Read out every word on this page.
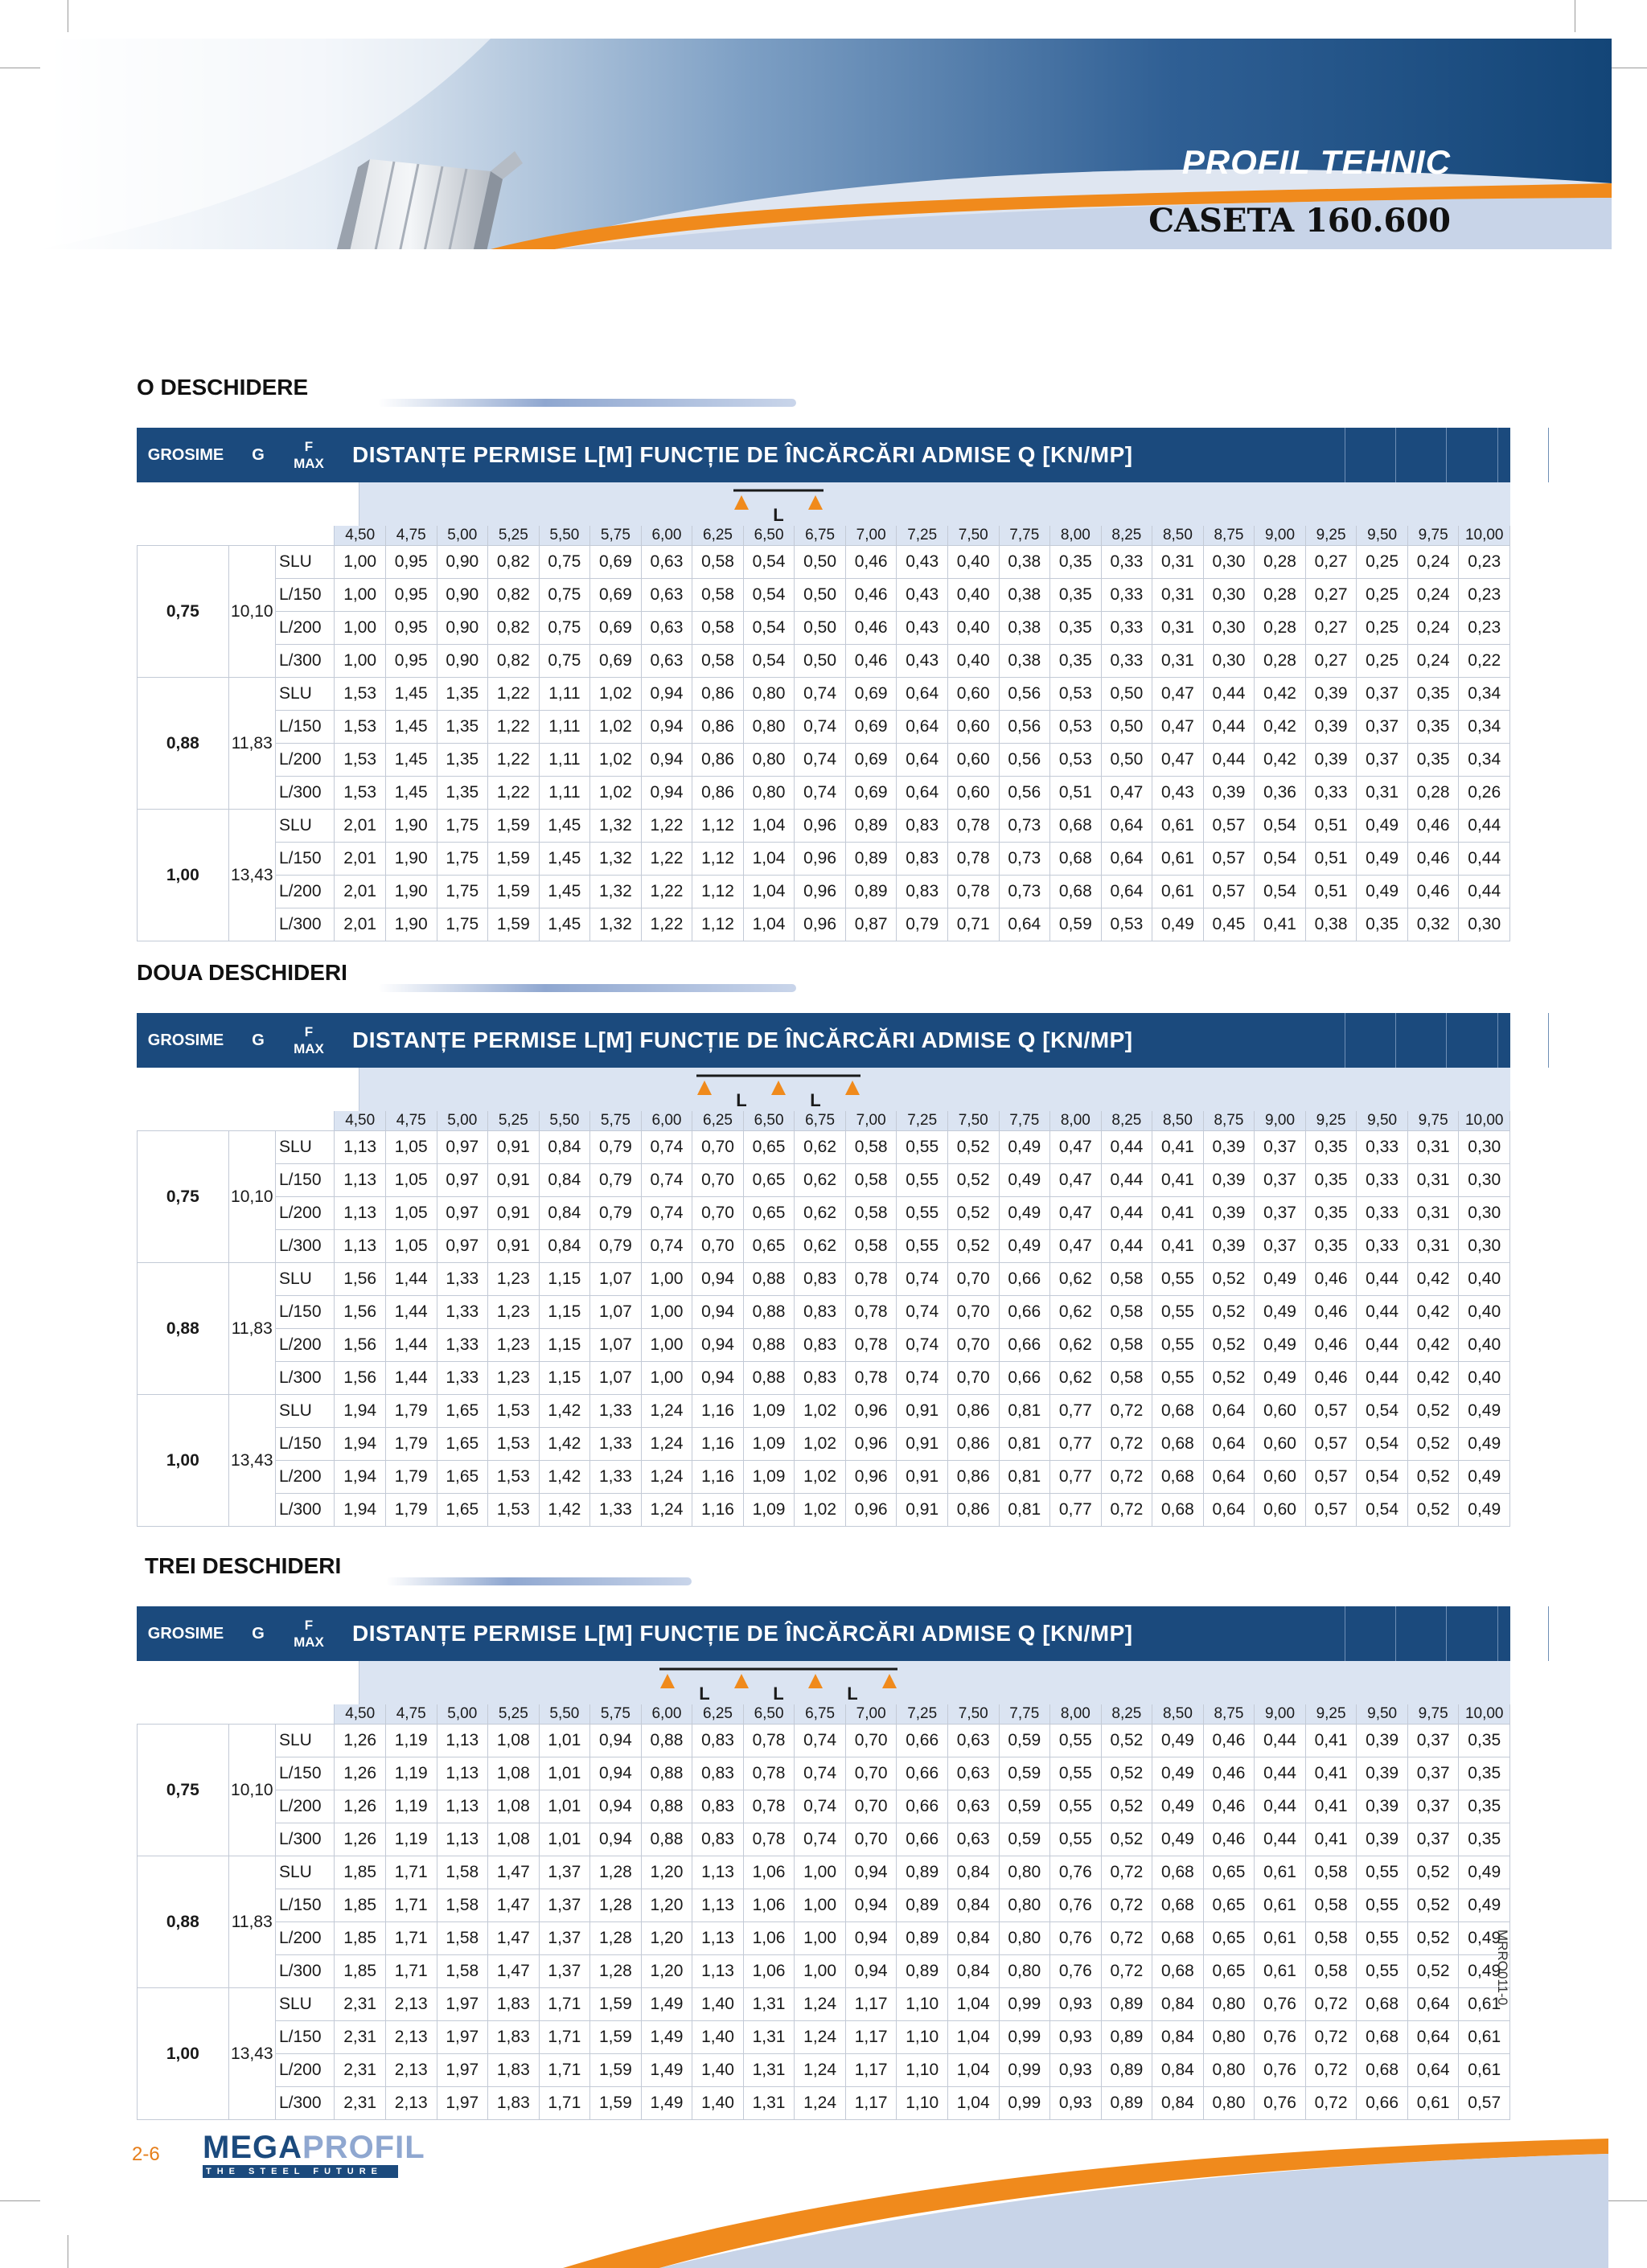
PROFIL TEHNIC
CASETA 160.600
O DESCHIDERE
GROSIME	G	F
MAX DISTANȚE PERMISE L[M] FUNCȚIE DE ÎNCĂRCĂRI ADMISE Q [KN/MP]
L
			4,50	4,75	5,00	5,25	5,50	5,75	6,00	6,25	6,50	6,75	7,00	7,25	7,50	7,75	8,00	8,25	8,50	8,75	9,00	9,25	9,50	9,75	10,00
0,75	10,10	SLU	1,00	0,95	0,90	0,82	0,75	0,69	0,63	0,58	0,54	0,50	0,46	0,43	0,40	0,38	0,35	0,33	0,31	0,30	0,28	0,27	0,25	0,24	0,23
		L/150	1,00	0,95	0,90	0,82	0,75	0,69	0,63	0,58	0,54	0,50	0,46	0,43	0,40	0,38	0,35	0,33	0,31	0,30	0,28	0,27	0,25	0,24	0,23
		L/200	1,00	0,95	0,90	0,82	0,75	0,69	0,63	0,58	0,54	0,50	0,46	0,43	0,40	0,38	0,35	0,33	0,31	0,30	0,28	0,27	0,25	0,24	0,23
		L/300	1,00	0,95	0,90	0,82	0,75	0,69	0,63	0,58	0,54	0,50	0,46	0,43	0,40	0,38	0,35	0,33	0,31	0,30	0,28	0,27	0,25	0,24	0,22
0,88	11,83	SLU	1,53	1,45	1,35	1,22	1,11	1,02	0,94	0,86	0,80	0,74	0,69	0,64	0,60	0,56	0,53	0,50	0,47	0,44	0,42	0,39	0,37	0,35	0,34
		L/150	1,53	1,45	1,35	1,22	1,11	1,02	0,94	0,86	0,80	0,74	0,69	0,64	0,60	0,56	0,53	0,50	0,47	0,44	0,42	0,39	0,37	0,35	0,34
		L/200	1,53	1,45	1,35	1,22	1,11	1,02	0,94	0,86	0,80	0,74	0,69	0,64	0,60	0,56	0,53	0,50	0,47	0,44	0,42	0,39	0,37	0,35	0,34
		L/300	1,53	1,45	1,35	1,22	1,11	1,02	0,94	0,86	0,80	0,74	0,69	0,64	0,60	0,56	0,51	0,47	0,43	0,39	0,36	0,33	0,31	0,28	0,26
1,00	13,43	SLU	2,01	1,90	1,75	1,59	1,45	1,32	1,22	1,12	1,04	0,96	0,89	0,83	0,78	0,73	0,68	0,64	0,61	0,57	0,54	0,51	0,49	0,46	0,44
		L/150	2,01	1,90	1,75	1,59	1,45	1,32	1,22	1,12	1,04	0,96	0,89	0,83	0,78	0,73	0,68	0,64	0,61	0,57	0,54	0,51	0,49	0,46	0,44
		L/200	2,01	1,90	1,75	1,59	1,45	1,32	1,22	1,12	1,04	0,96	0,89	0,83	0,78	0,73	0,68	0,64	0,61	0,57	0,54	0,51	0,49	0,46	0,44
		L/300	2,01	1,90	1,75	1,59	1,45	1,32	1,22	1,12	1,04	0,96	0,87	0,79	0,71	0,64	0,59	0,53	0,49	0,45	0,41	0,38	0,35	0,32	0,30
DOUA DESCHIDERI
GROSIME	G	F
MAX DISTANȚE PERMISE L[M] FUNCȚIE DE ÎNCĂRCĂRI ADMISE Q [KN/MP]
L	L
			4,50	4,75	5,00	5,25	5,50	5,75	6,00	6,25	6,50	6,75	7,00	7,25	7,50	7,75	8,00	8,25	8,50	8,75	9,00	9,25	9,50	9,75	10,00
0,75	10,10	SLU	1,13	1,05	0,97	0,91	0,84	0,79	0,74	0,70	0,65	0,62	0,58	0,55	0,52	0,49	0,47	0,44	0,41	0,39	0,37	0,35	0,33	0,31	0,30
		L/150	1,13	1,05	0,97	0,91	0,84	0,79	0,74	0,70	0,65	0,62	0,58	0,55	0,52	0,49	0,47	0,44	0,41	0,39	0,37	0,35	0,33	0,31	0,30
		L/200	1,13	1,05	0,97	0,91	0,84	0,79	0,74	0,70	0,65	0,62	0,58	0,55	0,52	0,49	0,47	0,44	0,41	0,39	0,37	0,35	0,33	0,31	0,30
		L/300	1,13	1,05	0,97	0,91	0,84	0,79	0,74	0,70	0,65	0,62	0,58	0,55	0,52	0,49	0,47	0,44	0,41	0,39	0,37	0,35	0,33	0,31	0,30
0,88	11,83	SLU	1,56	1,44	1,33	1,23	1,15	1,07	1,00	0,94	0,88	0,83	0,78	0,74	0,70	0,66	0,62	0,58	0,55	0,52	0,49	0,46	0,44	0,42	0,40
		L/150	1,56	1,44	1,33	1,23	1,15	1,07	1,00	0,94	0,88	0,83	0,78	0,74	0,70	0,66	0,62	0,58	0,55	0,52	0,49	0,46	0,44	0,42	0,40
		L/200	1,56	1,44	1,33	1,23	1,15	1,07	1,00	0,94	0,88	0,83	0,78	0,74	0,70	0,66	0,62	0,58	0,55	0,52	0,49	0,46	0,44	0,42	0,40
		L/300	1,56	1,44	1,33	1,23	1,15	1,07	1,00	0,94	0,88	0,83	0,78	0,74	0,70	0,66	0,62	0,58	0,55	0,52	0,49	0,46	0,44	0,42	0,40
1,00	13,43	SLU	1,94	1,79	1,65	1,53	1,42	1,33	1,24	1,16	1,09	1,02	0,96	0,91	0,86	0,81	0,77	0,72	0,68	0,64	0,60	0,57	0,54	0,52	0,49
		L/150	1,94	1,79	1,65	1,53	1,42	1,33	1,24	1,16	1,09	1,02	0,96	0,91	0,86	0,81	0,77	0,72	0,68	0,64	0,60	0,57	0,54	0,52	0,49
		L/200	1,94	1,79	1,65	1,53	1,42	1,33	1,24	1,16	1,09	1,02	0,96	0,91	0,86	0,81	0,77	0,72	0,68	0,64	0,60	0,57	0,54	0,52	0,49
		L/300	1,94	1,79	1,65	1,53	1,42	1,33	1,24	1,16	1,09	1,02	0,96	0,91	0,86	0,81	0,77	0,72	0,68	0,64	0,60	0,57	0,54	0,52	0,49
TREI DESCHIDERI
GROSIME	G	F
MAX DISTANȚE PERMISE L[M] FUNCȚIE DE ÎNCĂRCĂRI ADMISE Q [KN/MP]
L	L	L
			4,50	4,75	5,00	5,25	5,50	5,75	6,00	6,25	6,50	6,75	7,00	7,25	7,50	7,75	8,00	8,25	8,50	8,75	9,00	9,25	9,50	9,75	10,00
0,75	10,10	SLU	1,26	1,19	1,13	1,08	1,01	0,94	0,88	0,83	0,78	0,74	0,70	0,66	0,63	0,59	0,55	0,52	0,49	0,46	0,44	0,41	0,39	0,37	0,35
		L/150	1,26	1,19	1,13	1,08	1,01	0,94	0,88	0,83	0,78	0,74	0,70	0,66	0,63	0,59	0,55	0,52	0,49	0,46	0,44	0,41	0,39	0,37	0,35
		L/200	1,26	1,19	1,13	1,08	1,01	0,94	0,88	0,83	0,78	0,74	0,70	0,66	0,63	0,59	0,55	0,52	0,49	0,46	0,44	0,41	0,39	0,37	0,35
		L/300	1,26	1,19	1,13	1,08	1,01	0,94	0,88	0,83	0,78	0,74	0,70	0,66	0,63	0,59	0,55	0,52	0,49	0,46	0,44	0,41	0,39	0,37	0,35
0,88	11,83	SLU	1,85	1,71	1,58	1,47	1,37	1,28	1,20	1,13	1,06	1,00	0,94	0,89	0,84	0,80	0,76	0,72	0,68	0,65	0,61	0,58	0,55	0,52	0,49
		L/150	1,85	1,71	1,58	1,47	1,37	1,28	1,20	1,13	1,06	1,00	0,94	0,89	0,84	0,80	0,76	0,72	0,68	0,65	0,61	0,58	0,55	0,52	0,49
		L/200	1,85	1,71	1,58	1,47	1,37	1,28	1,20	1,13	1,06	1,00	0,94	0,89	0,84	0,80	0,76	0,72	0,68	0,65	0,61	0,58	0,55	0,52	0,49
		L/300	1,85	1,71	1,58	1,47	1,37	1,28	1,20	1,13	1,06	1,00	0,94	0,89	0,84	0,80	0,76	0,72	0,68	0,65	0,61	0,58	0,55	0,52	0,49
1,00	13,43	SLU	2,31	2,13	1,97	1,83	1,71	1,59	1,49	1,40	1,31	1,24	1,17	1,10	1,04	0,99	0,93	0,89	0,84	0,80	0,76	0,72	0,68	0,64	0,61
		L/150	2,31	2,13	1,97	1,83	1,71	1,59	1,49	1,40	1,31	1,24	1,17	1,10	1,04	0,99	0,93	0,89	0,84	0,80	0,76	0,72	0,68	0,64	0,61
		L/200	2,31	2,13	1,97	1,83	1,71	1,59	1,49	1,40	1,31	1,24	1,17	1,10	1,04	0,99	0,93	0,89	0,84	0,80	0,76	0,72	0,68	0,64	0,61
		L/300	2,31	2,13	1,97	1,83	1,71	1,59	1,49	1,40	1,31	1,24	1,17	1,10	1,04	0,99	0,93	0,89	0,84	0,80	0,76	0,72	0,66	0,61	0,57
2-6 MEGAPROFIL
THE STEEL FUTURE
MRRO011-0
